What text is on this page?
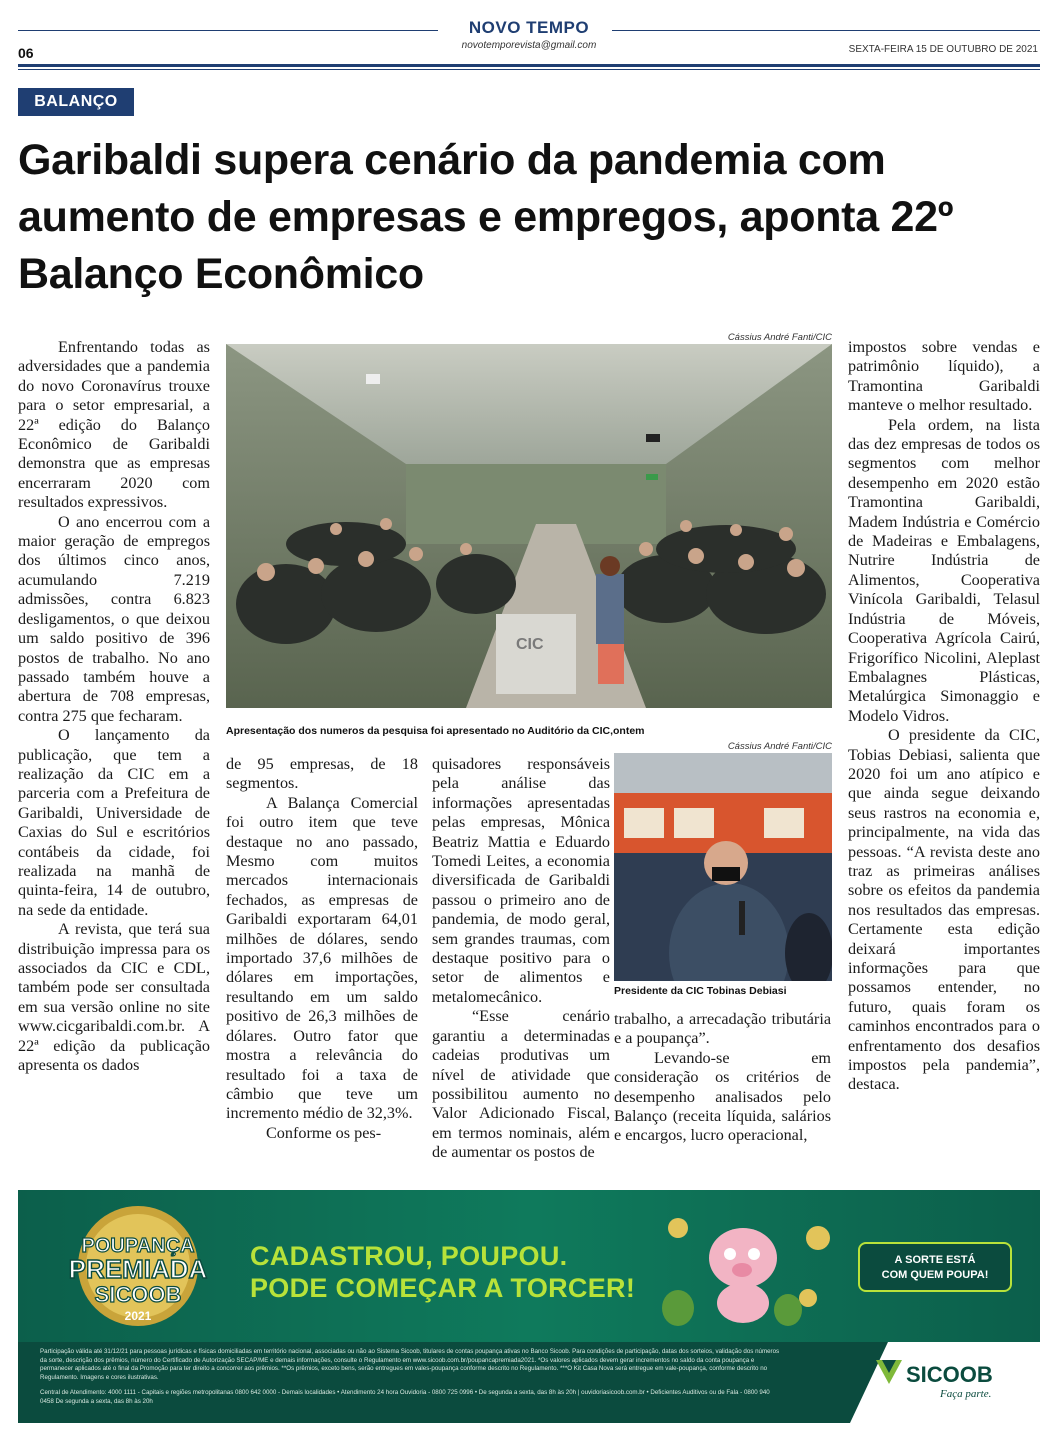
NOVO TEMPO
novotemporevista@gmail.com
06	SEXTA-FEIRA 15 DE OUTUBRO DE 2021
BALANÇO
Garibaldi supera cenário da pandemia com aumento de empresas e empregos, aponta 22º Balanço Econômico

Enfrentando todas as adversidades que a pandemia do novo Coronavírus trouxe para o setor empresarial, a 22ª edição do Balanço Econômico de Garibaldi demonstra que as empresas encerraram 2020 com resultados expressivos.

O ano encerrou com a maior geração de empregos dos últimos cinco anos, acumulando 7.219 admissões, contra 6.823 desligamentos, o que deixou um saldo positivo de 396 postos de trabalho. No ano passado também houve a abertura de 708 empresas, contra 275 que fecharam.

O lançamento da publicação, que tem a realização da CIC em a parceria com a Prefeitura de Garibaldi, Universidade de Caxias do Sul e escritórios contábeis da cidade, foi realizada na manhã de quinta-feira, 14 de outubro, na sede da entidade.

A revista, que terá sua distribuição impressa para os associados da CIC e CDL, também pode ser consultada em sua versão online no site www.cicgaribaldi.com.br. A 22ª edição da publicação apresenta os dados

Cássius André Fanti/CIC
CIC
Apresentação dos numeros da pesquisa foi apresentado no Auditório da CIC,ontem

de 95 empresas, de 18 segmentos.

A Balança Comercial foi outro item que teve destaque no ano passado, Mesmo com muitos mercados internacionais fechados, as empresas de Garibaldi exportaram 64,01 milhões de dólares, sendo importado 37,6 milhões de dólares em importações, resultando em um saldo positivo de 26,3 milhões de dólares. Outro fator que mostra a relevância do resultado foi a taxa de câmbio que teve um incremento médio de 32,3%.

Conforme os pes-

quisadores responsáveis pela análise das informações apresentadas pelas empresas, Mônica Beatriz Mattia e Eduardo Tomedi Leites, a economia diversificada de Garibaldi passou o primeiro ano de pandemia, de modo geral, sem grandes traumas, com destaque positivo para o setor de alimentos e metalomecânico.

“Esse cenário garantiu a determinadas cadeias produtivas um nível de atividade que possibilitou aumento no Valor Adicionado Fiscal, em termos nominais, além de aumentar os postos de

Cássius André Fanti/CIC
Presidente da CIC Tobinas Debiasi

trabalho, a arrecadação tributária e a poupança”.

Levando-se em consideração os critérios de desempenho analisados pelo Balanço (receita líquida, salários e encargos, lucro operacional,

impostos sobre vendas e patrimônio líquido), a Tramontina Garibaldi manteve o melhor resultado.

Pela ordem, na lista das dez empresas de todos os segmentos com melhor desempenho em 2020 estão Tramontina Garibaldi, Madem Indústria e Comércio de Madeiras e Embalagens, Nutrire Indústria de Alimentos, Cooperativa Vinícola Garibaldi, Telasul Indústria de Móveis, Cooperativa Agrícola Cairú, Frigorífico Nicolini, Aleplast Embalagnes Plásticas, Metalúrgica Simonaggio e Modelo Vidros.

O presidente da CIC, Tobias Debiasi, salienta que 2020 foi um ano atípico e que ainda segue deixando seus rastros na economia e, principalmente, na vida das pessoas. “A revista deste ano traz as primeiras análises sobre os efeitos da pandemia nos resultados das empresas. Certamente esta edição deixará importantes informações para que possamos entender, no futuro, quais foram os caminhos encontrados para o enfrentamento dos desafios impostos pela pandemia”, destaca.

POUPANÇA
PREMIADA
SICOOB
2021
CADASTROU, POUPOU.
PODE COMEÇAR A TORCER!
A SORTE ESTÁ
COM QUEM POUPA!
Participação válida até 31/12/21 para pessoas jurídicas e físicas domiciliadas em território nacional, associadas ou não ao Sistema Sicoob, titulares de contas poupança ativas no Banco Sicoob. Para condições de participação, datas dos sorteios, validação dos números da sorte, descrição dos prêmios, número do Certificado de Autorização SECAP/ME e demais informações, consulte o Regulamento em www.sicoob.com.br/poupancapremiada2021. *Os valores aplicados devem gerar incrementos no saldo da conta poupança e permanecer aplicados até o final da Promoção para ter direito a concorrer aos prêmios. **Os prêmios, exceto bens, serão entregues em vales-poupança conforme descrito no Regulamento. ***O Kit Casa Nova será entregue em vale-poupança, conforme descrito no Regulamento. Imagens e cores ilustrativas.
Central de Atendimento: 4000 1111 - Capitais e regiões metropolitanas 0800 642 0000 - Demais localidades • Atendimento 24 hora Ouvidoria - 0800 725 0996 • De segunda a sexta, das 8h às 20h | ouvidoriasicoob.com.br • Deficientes Auditivos ou de Fala - 0800 940 0458 De segunda a sexta, das 8h às 20h
SICOOB
Faça parte.
